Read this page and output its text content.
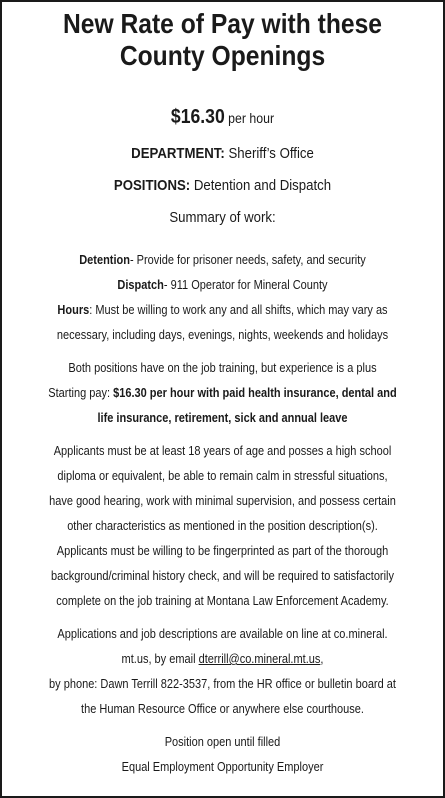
New Rate of Pay with these
County Openings
$16.30 per hour
DEPARTMENT: Sheriff’s Office
POSITIONS: Detention and Dispatch
Summary of work:
Detention- Provide for prisoner needs, safety, and security
Dispatch- 911 Operator for Mineral County
Hours: Must be willing to work any and all shifts, which may vary as
necessary, including days, evenings, nights, weekends and holidays
Both positions have on the job training, but experience is a plus
Starting pay: $16.30 per hour with paid health insurance, dental and
life insurance, retirement, sick and annual leave
Applicants must be at least 18 years of age and posses a high school
diploma or equivalent, be able to remain calm in stressful situations,
have good hearing, work with minimal supervision, and possess certain
other characteristics as mentioned in the position description(s).
Applicants must be willing to be fingerprinted as part of the thorough
background/criminal history check, and will be required to satisfactorily
complete on the job training at Montana Law Enforcement Academy.
Applications and job descriptions are available on line at co.mineral.
mt.us, by email dterrill@co.mineral.mt.us,
by phone: Dawn Terrill 822-3537, from the HR office or bulletin board at
the Human Resource Office or anywhere else courthouse.
Position open until filled
Equal Employment Opportunity Employer
